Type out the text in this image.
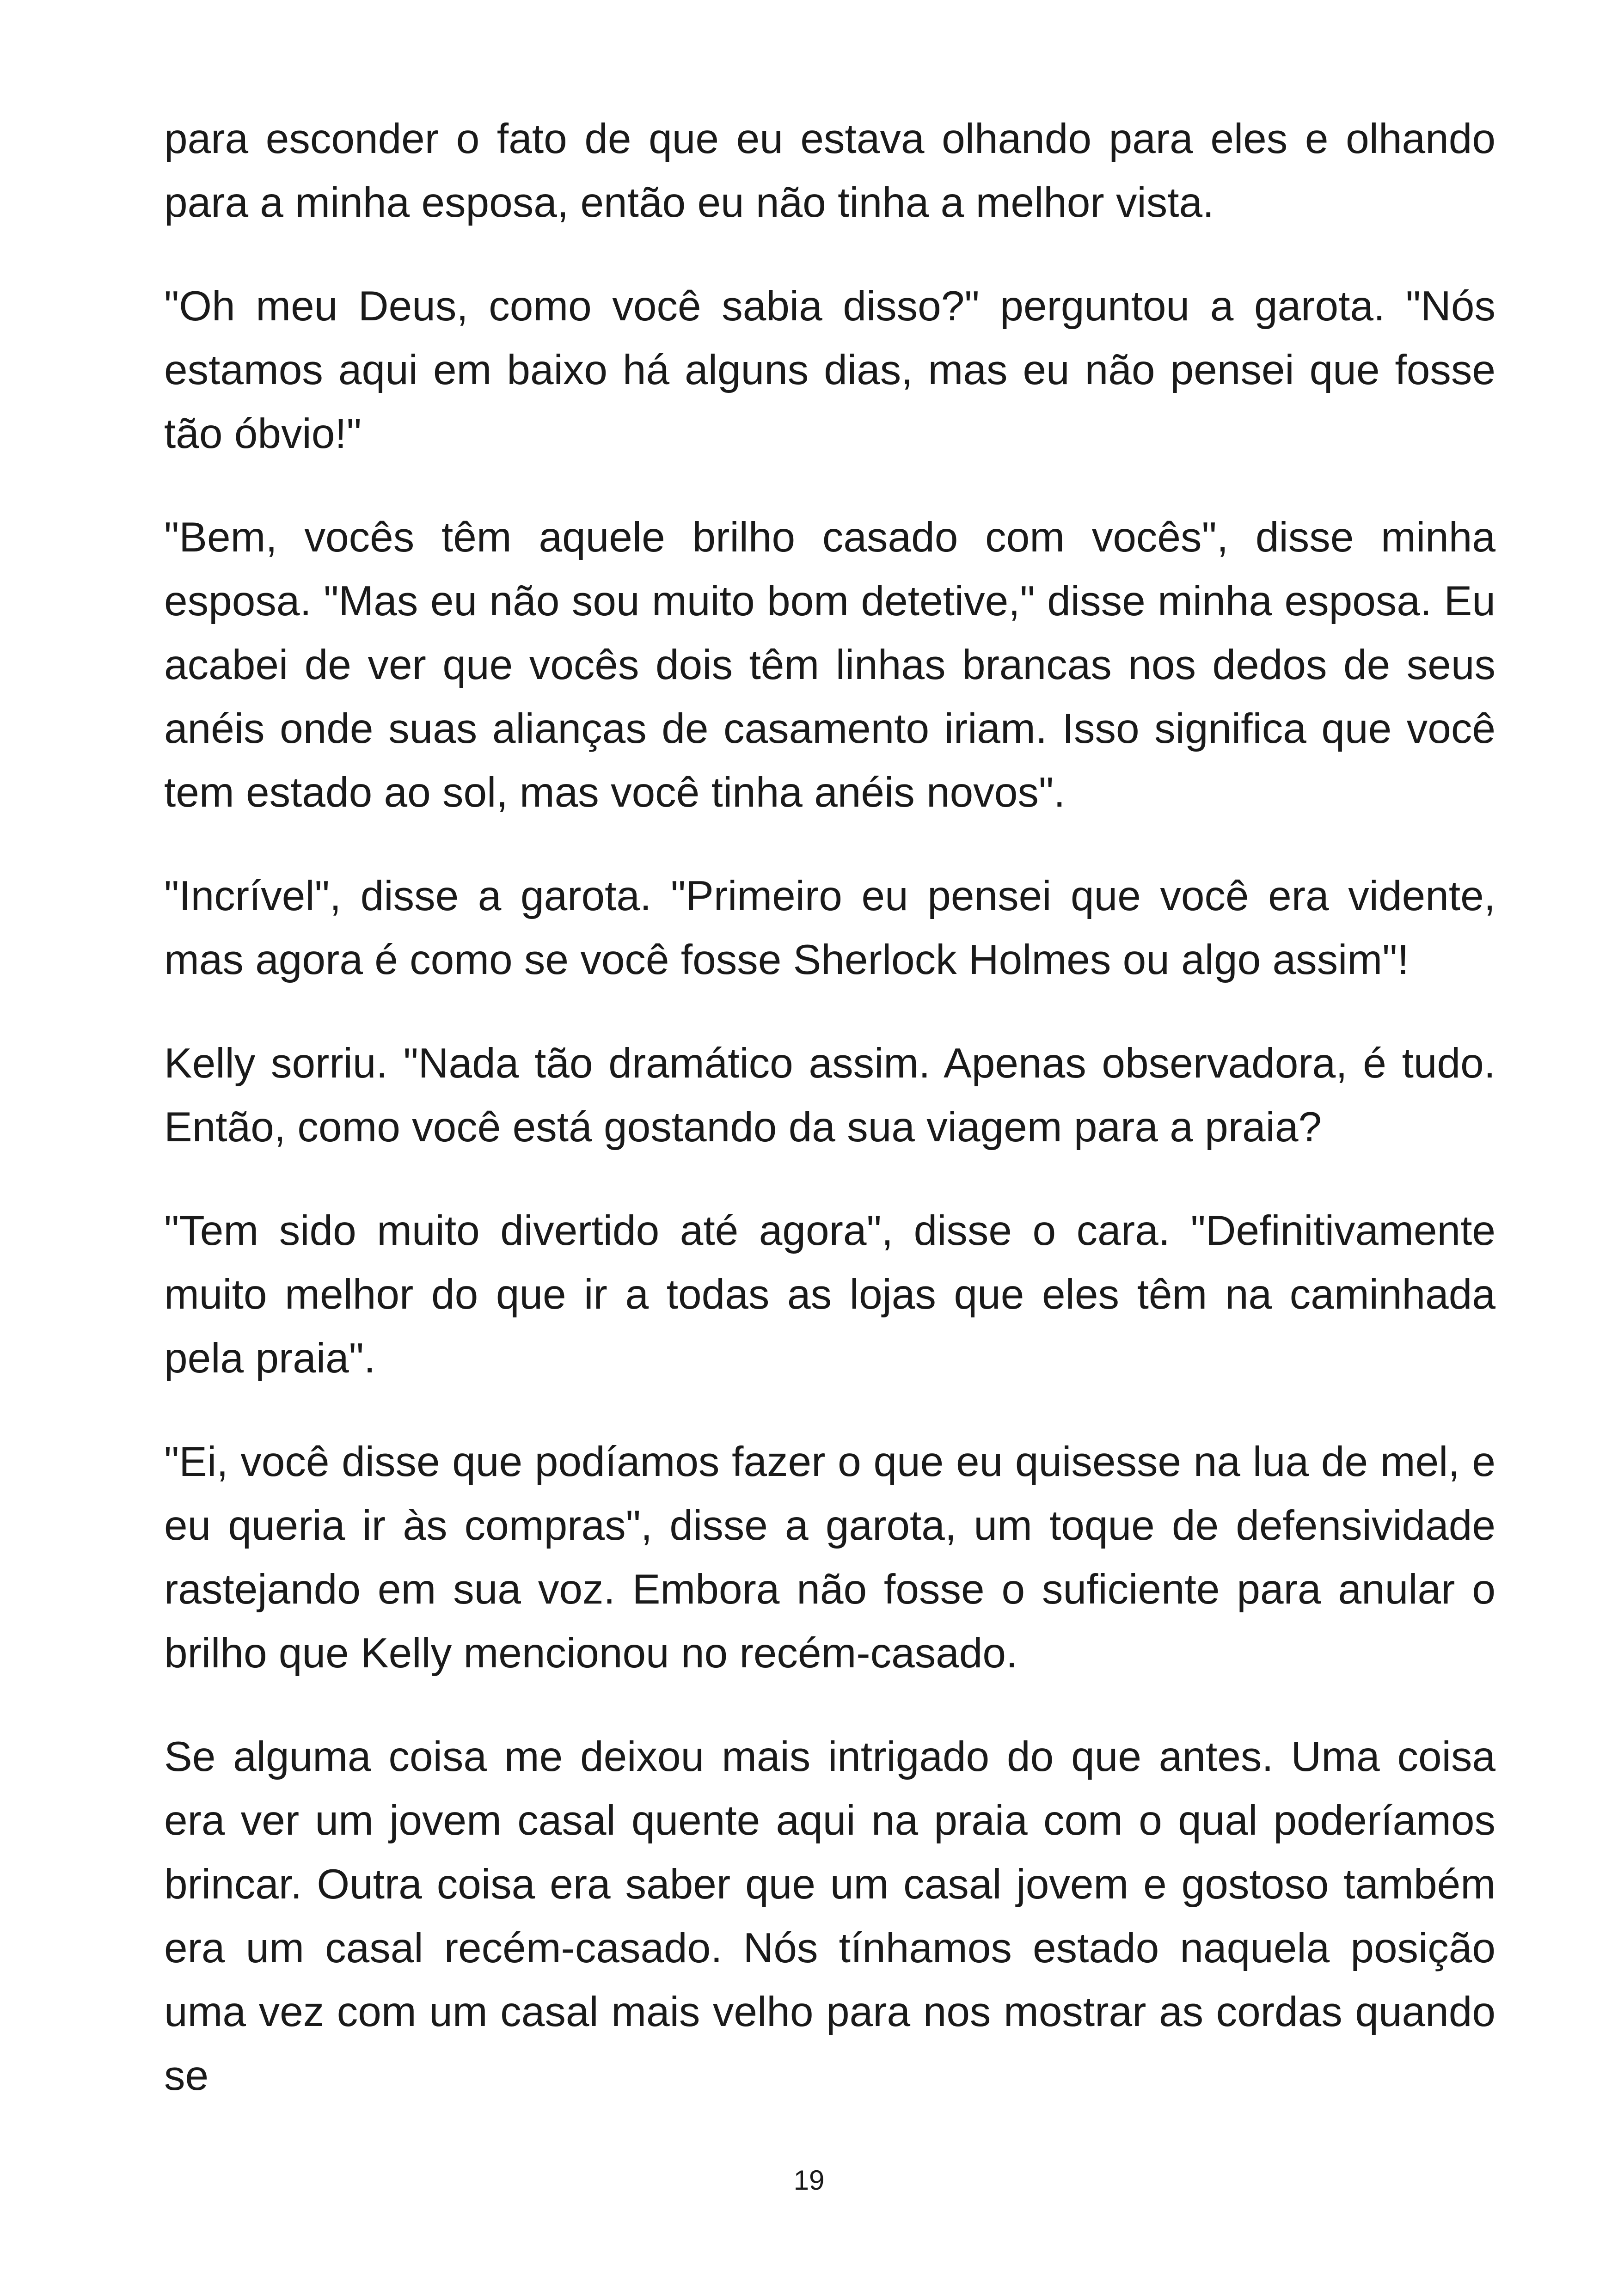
para esconder o fato de que eu estava olhando para eles e olhando para a minha esposa, então eu não tinha a melhor vista.

"Oh meu Deus, como você sabia disso?" perguntou a garota. "Nós estamos aqui em baixo há alguns dias, mas eu não pensei que fosse tão óbvio!"

"Bem, vocês têm aquele brilho casado com vocês", disse minha esposa. "Mas eu não sou muito bom detetive," disse minha esposa. Eu acabei de ver que vocês dois têm linhas brancas nos dedos de seus anéis onde suas alianças de casamento iriam. Isso significa que você tem estado ao sol, mas você tinha anéis novos".

"Incrível", disse a garota. "Primeiro eu pensei que você era vidente, mas agora é como se você fosse Sherlock Holmes ou algo assim"!

Kelly sorriu. "Nada tão dramático assim. Apenas observadora, é tudo. Então, como você está gostando da sua viagem para a praia?

"Tem sido muito divertido até agora", disse o cara. "Definitivamente muito melhor do que ir a todas as lojas que eles têm na caminhada pela praia".

"Ei, você disse que podíamos fazer o que eu quisesse na lua de mel, e eu queria ir às compras", disse a garota, um toque de defensividade rastejando em sua voz. Embora não fosse o suficiente para anular o brilho que Kelly mencionou no recém-casado.

Se alguma coisa me deixou mais intrigado do que antes. Uma coisa era ver um jovem casal quente aqui na praia com o qual poderíamos brincar. Outra coisa era saber que um casal jovem e gostoso também era um casal recém-casado. Nós tínhamos estado naquela posição uma vez com um casal mais velho para nos mostrar as cordas quando se

19
